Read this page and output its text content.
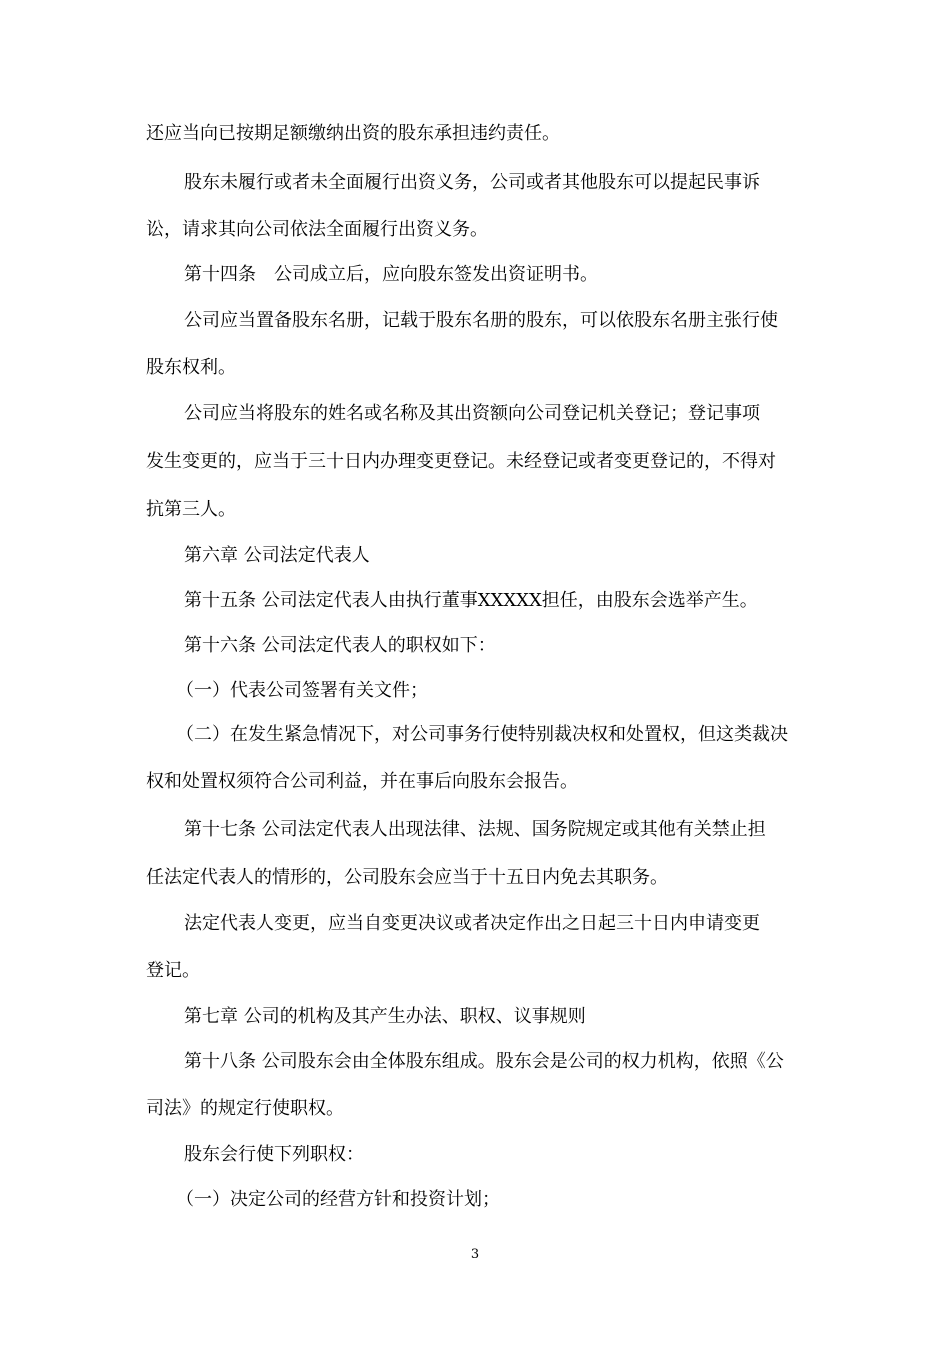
还应当向已按期足额缴纳出资的股东承担违约责任。
股东未履行或者未全面履行出资义务，公司或者其他股东可以提起民事诉
讼，请求其向公司依法全面履行出资义务。
第十四条　公司成立后，应向股东签发出资证明书。
公司应当置备股东名册，记载于股东名册的股东，可以依股东名册主张行使
股东权利。
公司应当将股东的姓名或名称及其出资额向公司登记机关登记；登记事项
发生变更的，应当于三十日内办理变更登记。未经登记或者变更登记的，不得对
抗第三人。
第六章 公司法定代表人
第十五条 公司法定代表人由执行董事XXXXX担任，由股东会选举产生。
第十六条 公司法定代表人的职权如下：
（一）代表公司签署有关文件；
（二）在发生紧急情况下，对公司事务行使特别裁决权和处置权，但这类裁决
权和处置权须符合公司利益，并在事后向股东会报告。
第十七条 公司法定代表人出现法律、法规、国务院规定或其他有关禁止担
任法定代表人的情形的，公司股东会应当于十五日内免去其职务。
法定代表人变更，应当自变更决议或者决定作出之日起三十日内申请变更
登记。
第七章 公司的机构及其产生办法、职权、议事规则
第十八条 公司股东会由全体股东组成。股东会是公司的权力机构，依照《公
司法》的规定行使职权。
股东会行使下列职权：
（一）决定公司的经营方针和投资计划；
3
